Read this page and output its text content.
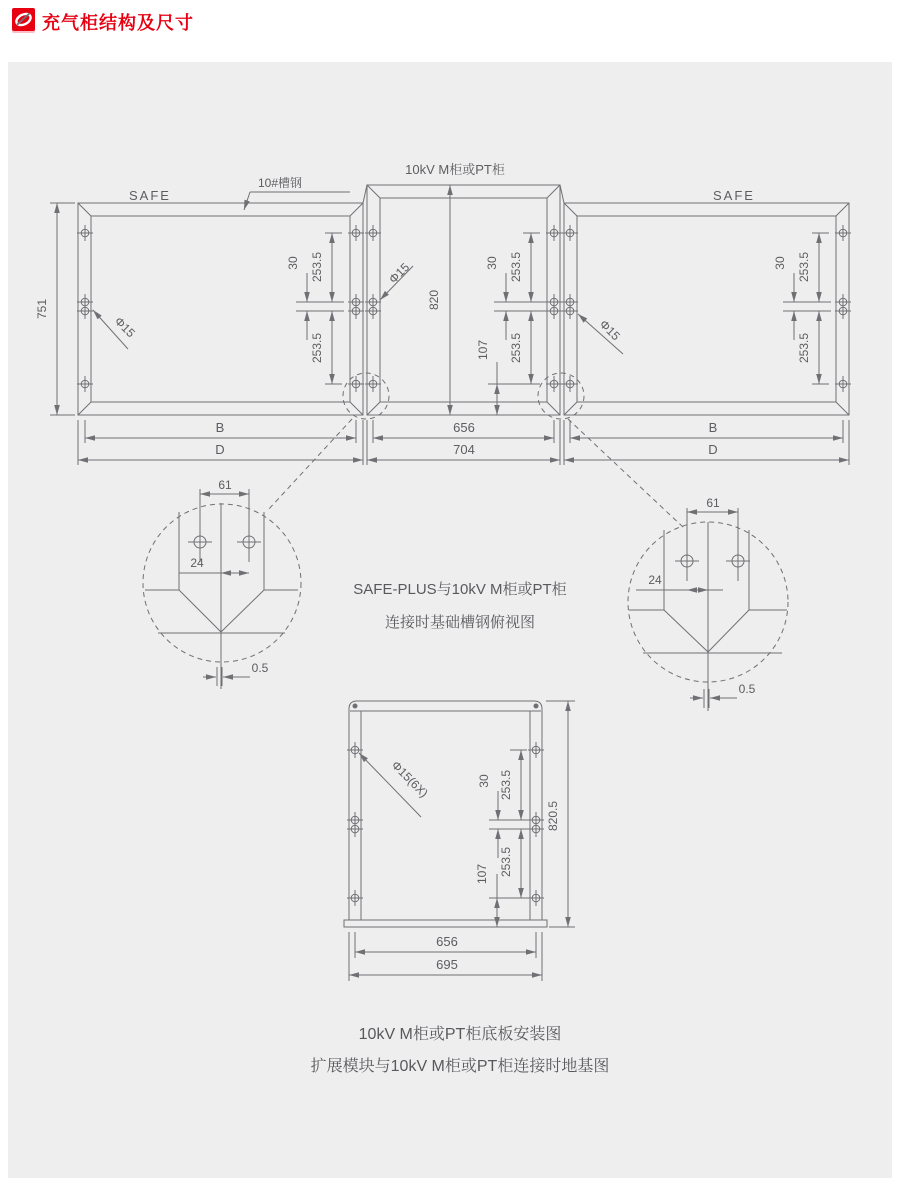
充气柜结构及尺寸
SAFE
10kV M柜或PT柜
SAFE
10#槽钢
751	820
253.5
30
253.5
253.5
30
253.5
107
253.5
30
253.5
Φ15
Φ15
Φ15
B
D
656
704
B
D
61
24
0.5
61
24
0.5
SAFE-PLUS与10kV M柜或PT柜
连接时基础槽钢俯视图
Φ15(6X)	253.5
30
253.5
107
820.5
656
695
10kV M柜或PT柜底板安装图
扩展模块与10kV M柜或PT柜连接时地基图
